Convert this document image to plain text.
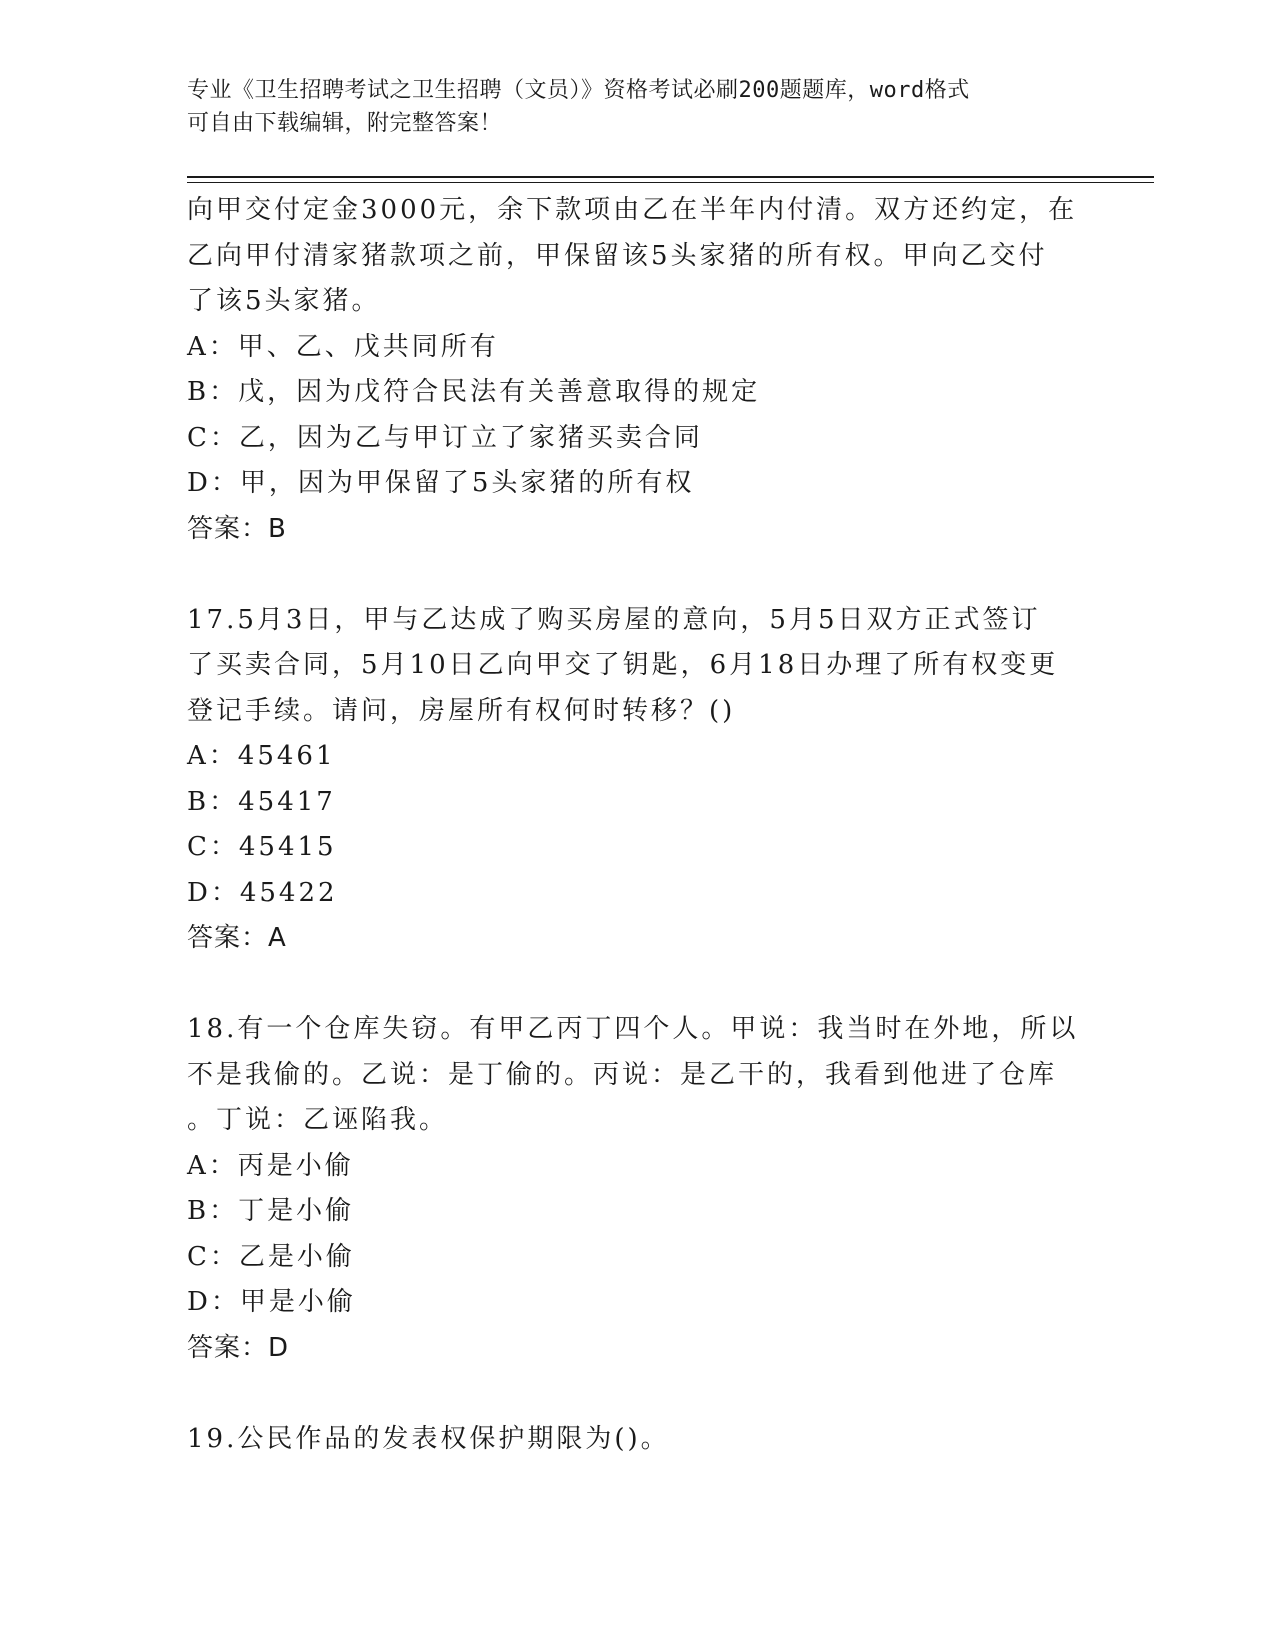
专业《卫生招聘考试之卫生招聘（文员）》资格考试必刷200题题库，word格式
可自由下载编辑，附完整答案！
向甲交付定金3000元，余下款项由乙在半年内付清。双方还约定，在
乙向甲付清家猪款项之前，甲保留该5头家猪的所有权。甲向乙交付
了该5头家猪。
A：甲、乙、戊共同所有
B：戊，因为戊符合民法有关善意取得的规定
C：乙，因为乙与甲订立了家猪买卖合同
D：甲，因为甲保留了5头家猪的所有权
答案：B
17.5月3日，甲与乙达成了购买房屋的意向，5月5日双方正式签订
了买卖合同，5月10日乙向甲交了钥匙，6月18日办理了所有权变更
登记手续。请问，房屋所有权何时转移？()
A：45461
B：45417
C：45415
D：45422
答案：A
18.有一个仓库失窃。有甲乙丙丁四个人。甲说：我当时在外地，所以
不是我偷的。乙说：是丁偷的。丙说：是乙干的，我看到他进了仓库
。丁说：乙诬陷我。
A：丙是小偷
B：丁是小偷
C：乙是小偷
D：甲是小偷
答案：D
19.公民作品的发表权保护期限为()。
